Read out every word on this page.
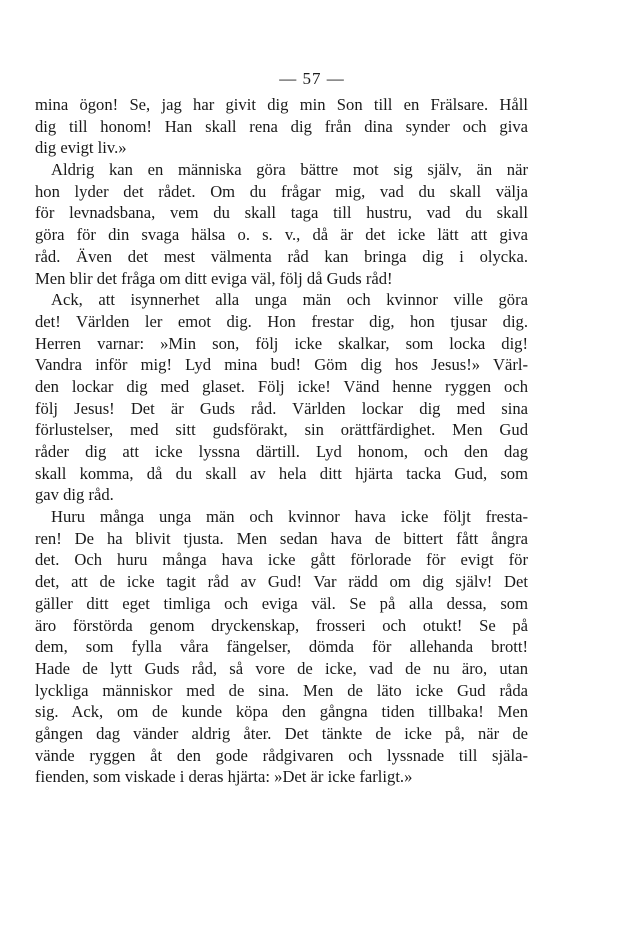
— 57 —
mina ögon! Se, jag har givit dig min Son till en Frälsare. Håll
dig till honom! Han skall rena dig från dina synder och giva
dig evigt liv.»
Aldrig kan en människa göra bättre mot sig själv, än när
hon lyder det rådet. Om du frågar mig, vad du skall välja
för levnadsbana, vem du skall taga till hustru, vad du skall
göra för din svaga hälsa o. s. v., då är det icke lätt att giva
råd. Även det mest välmenta råd kan bringa dig i olycka.
Men blir det fråga om ditt eviga väl, följ då Guds råd!
Ack, att isynnerhet alla unga män och kvinnor ville göra
det! Världen ler emot dig. Hon frestar dig, hon tjusar dig.
Herren varnar: »Min son, följ icke skalkar, som locka dig!
Vandra inför mig! Lyd mina bud! Göm dig hos Jesus!» Värl-
den lockar dig med glaset. Följ icke! Vänd henne ryggen och
följ Jesus! Det är Guds råd. Världen lockar dig med sina
förlustelser, med sitt gudsförakt, sin orättfärdighet. Men Gud
råder dig att icke lyssna därtill. Lyd honom, och den dag
skall komma, då du skall av hela ditt hjärta tacka Gud, som
gav dig råd.
Huru många unga män och kvinnor hava icke följt fresta-
ren! De ha blivit tjusta. Men sedan hava de bittert fått ångra
det. Och huru många hava icke gått förlorade för evigt för
det, att de icke tagit råd av Gud! Var rädd om dig själv! Det
gäller ditt eget timliga och eviga väl. Se på alla dessa, som
äro förstörda genom dryckenskap, frosseri och otukt! Se på
dem, som fylla våra fängelser, dömda för allehanda brott!
Hade de lytt Guds råd, så vore de icke, vad de nu äro, utan
lyckliga människor med de sina. Men de läto icke Gud råda
sig. Ack, om de kunde köpa den gångna tiden tillbaka! Men
gången dag vänder aldrig åter. Det tänkte de icke på, när de
vände ryggen åt den gode rådgivaren och lyssnade till själa-
fienden, som viskade i deras hjärta: »Det är icke farligt.»
